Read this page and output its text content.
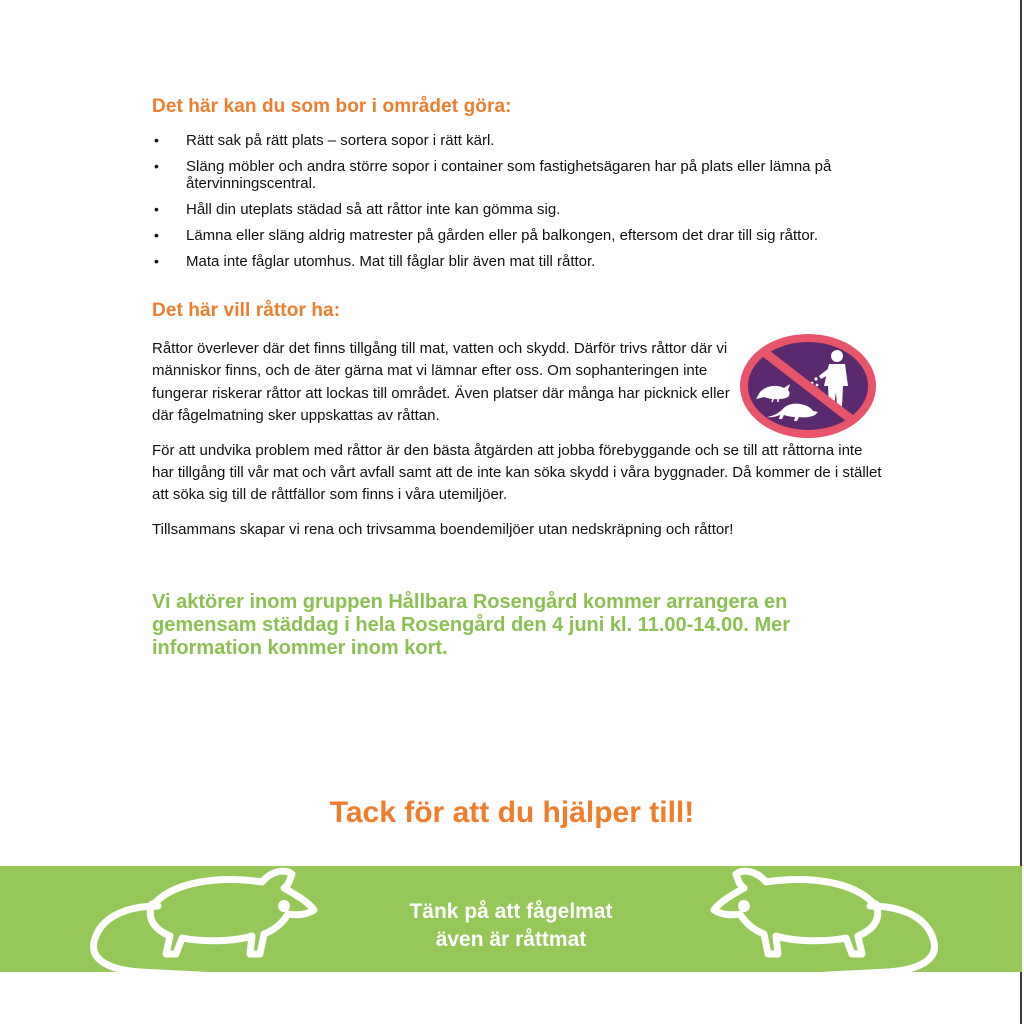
Det här kan du som bor i området göra:
• Rätt sak på rätt plats – sortera sopor i rätt kärl.
• Släng möbler och andra större sopor i container som fastighetsägaren har på plats eller lämna på återvinningscentral.
• Håll din uteplats städad så att råttor inte kan gömma sig.
• Lämna eller släng aldrig matrester på gården eller på balkongen, eftersom det drar till sig råttor.
• Mata inte fåglar utomhus. Mat till fåglar blir även mat till råttor.
Det här vill råttor ha:

Råttor överlever där det finns tillgång till mat, vatten och skydd. Därför trivs råttor där vi människor finns, och de äter gärna mat vi lämnar efter oss. Om sophanteringen inte fungerar riskerar råttor att lockas till området. Även platser där många har picknick eller där fågelmatning sker uppskattas av råttan.

För att undvika problem med råttor är den bästa åtgärden att jobba förebyggande och se till att råttorna inte har tillgång till vår mat och vårt avfall samt att de inte kan söka skydd i våra byggnader. Då kommer de i stället att söka sig till de råttfällor som finns i våra utemiljöer.

Tillsammans skapar vi rena och trivsamma boendemiljöer utan nedskräpning och råttor!

Vi aktörer inom gruppen Hållbara Rosengård kommer arrangera en gemensam städdag i hela Rosengård den 4 juni kl. 11.00-14.00. Mer information kommer inom kort.

Tack för att du hjälper till!
Tänk på att fågelmat
även är råttmat
